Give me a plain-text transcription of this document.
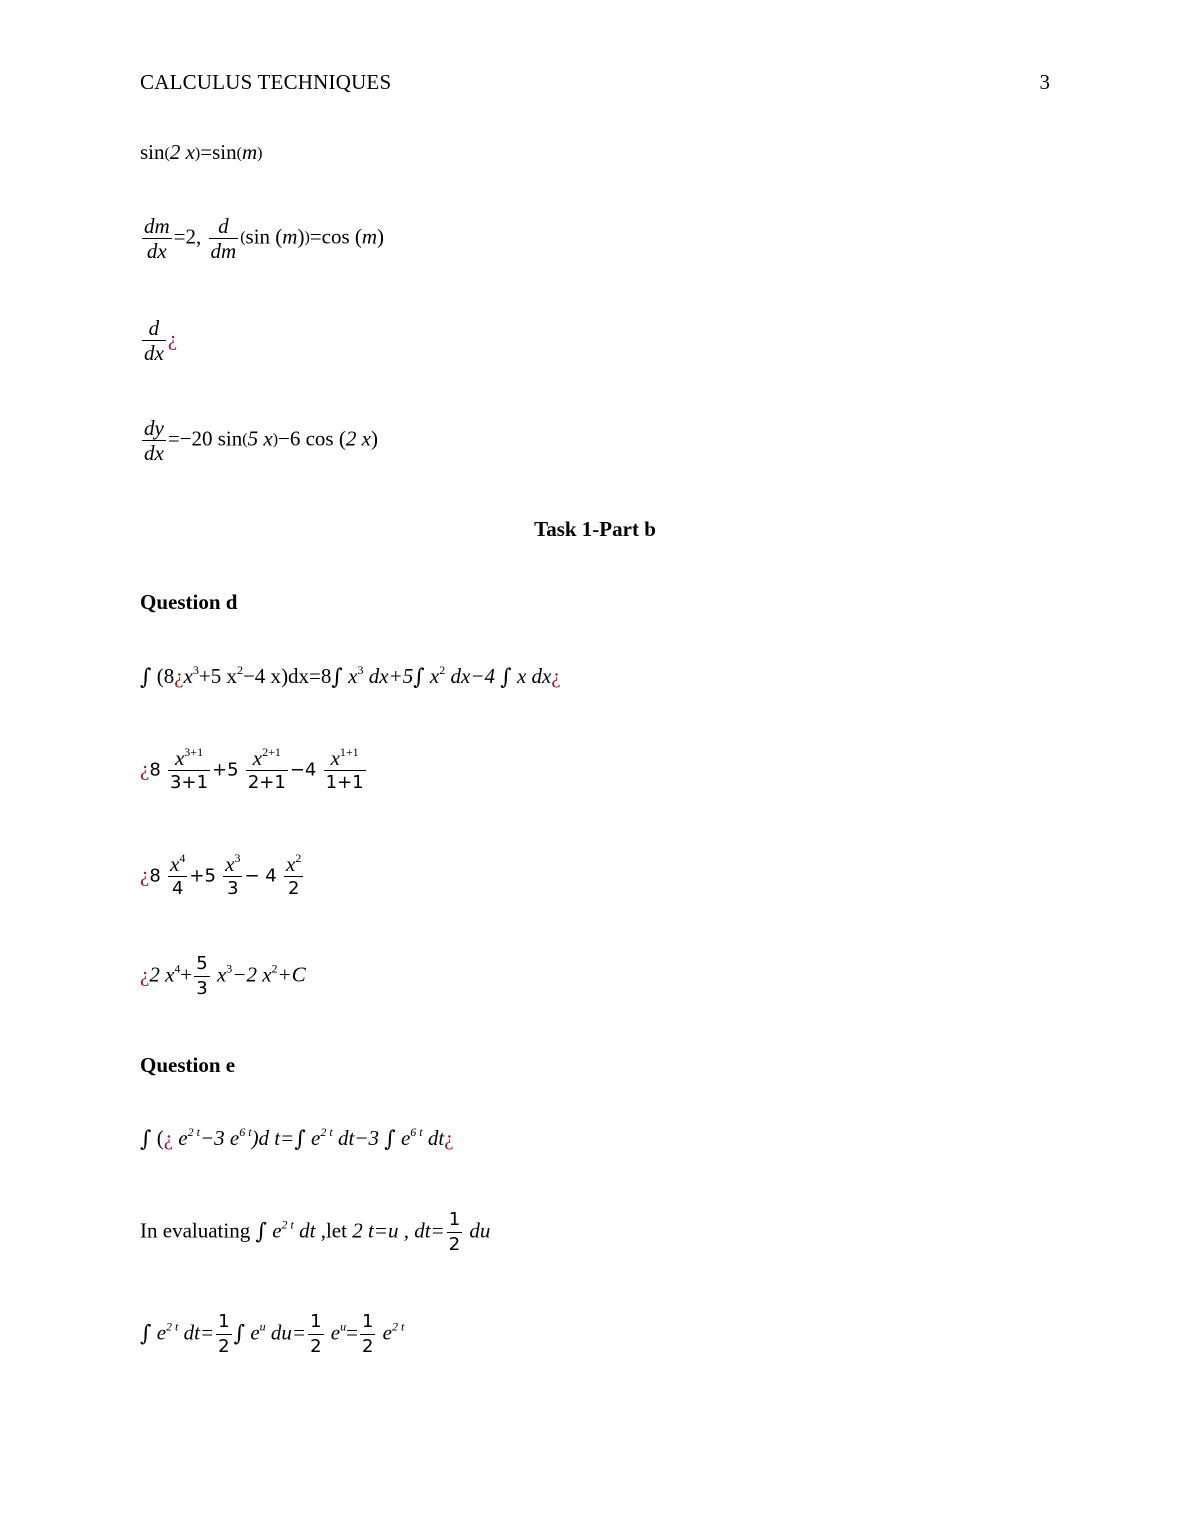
CALCULUS TECHNIQUES	3
sin(2 x)=sin(m)
$\frac{dm}{dx} =2$, $\frac{d}{dm} (\sin$ (m))=cos (m)
$\frac{d}{dx}$ ¿
$\frac{dy}{dx} =-20$ sin(5 x)−6 cos (2 x)
Task 1-Part b
Question d
∫ ($8¿x^3+5$ $x^2-4$ x)dx=8∫ $x^3$ dx+5∫ $x^2$ dx−4 ∫ x dx¿
¿$8 \frac{x^{3+1}}{3+1} +5 \frac{x^{2+1}}{2+1} -4 \frac{x^{1+1}}{1+1}$
¿$8 \frac{x^4}{4} +5 \frac{x^3}{3} - 4 \frac{x^2}{2}$
¿2 $x^4+ \frac{5}{3} x^3-2$ $x^2+C$
Question e
∫ (¿ $e^{2 t}-3$ $e^{6 t})d$ t=∫ $e^{2 t}$ dt−3 ∫ $e^{6 t}$ dt¿
In evaluating ∫ $e^{2 t}$ dt ,let 2 t=u , $dt= \frac{1}{2}$ du
∫ $e^{2 t}$ $dt= \frac{1}{2}$ ∫ $e^u$ $du= \frac{1}{2} e^u= \frac{1}{2} e^{2 t}$
